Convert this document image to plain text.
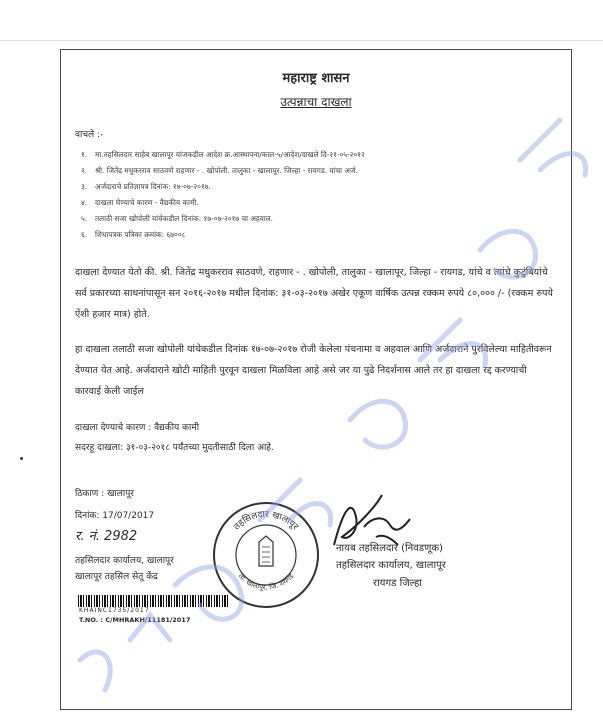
महाराष्ट्र शासन
उत्पन्नाचा दाखला
वाचले :-
१. मा.तहसिलदार साहेब खालापूर यांजकडील आदेश क्र.आस्थापना/काल-५/आदेश/दाखले दि-२१-०५-२०१२
२. श्री. जितेंद्र मधुकरराव साठवणे राहणार - . खोपोली. तालुका - खालापूर. जिल्हा - रायगड. यांचा अर्ज.
३. अर्जदाराचे प्रतिज्ञापत्र दिनांक: १७-०७-२०१७.
४. दाखला घेण्याचे कारण - वैद्यकीय कामी.
५. तलाठी सजा खोपोली यांचेकडील दिनांक: १७-०७-२०१७ चा अहवाल.
६. शिधापत्रक पत्रिका क्रमांक: ६७००८
दाखला देण्यात येतो की. श्री. जितेंद्र मधुकरराव साठवणे, राहणार - . खोपोली, तालुका - खालापूर, जिल्हा - रायगड, यांचे व त्यांचे कुटुंबियांचे सर्व प्रकारच्या साधनांपासून सन २०१६-२०१७ मधील दिनांक: ३१-०३-२०१७ अखेर एकूण वार्षिक उत्पन्न रक्कम रुपये ८०,००० /- (रक्कम रुपये ऐंशी हजार मात्र) होते.
हा दाखला तलाठी सजा खोपोली यांचेकडील दिनांक १७-०७-२०१७ रोजी केलेला पंचनामा व अहवाल आणि अर्जदाराने पुरविलेल्या माहितीवरून देण्यात येत आहे. अर्जदाराने खोटी माहिती पुरवून दाखला मिळविला आहे असे जर या पुढे निदर्शनास आले तर हा दाखला रद्द करण्याची कारवाई केली जाईल
दाखला देण्याचे कारण : वैद्यकीय कामी
सदरहू दाखला: ३१-०३-२०१८ पर्यंतच्या मुदतीसाठी दिला आहे.
ठिकाण : खालापूर
दिनांक: 17/07/2017
र. नं. 2982
तहसिलदार कार्यालय, खालापूर
खालापूर तहसिल सेतू केंद्र
KHAINC1735/2017
T.NO. : C/MHRAKH/11181/2017
तहसिलदार खालापूर
ता. खालापूर, जि. रायगड
नायब तहसिलदार (निवडणूक)
तहसिलदार कार्यालय, खालापूर
रायगड जिल्हा
